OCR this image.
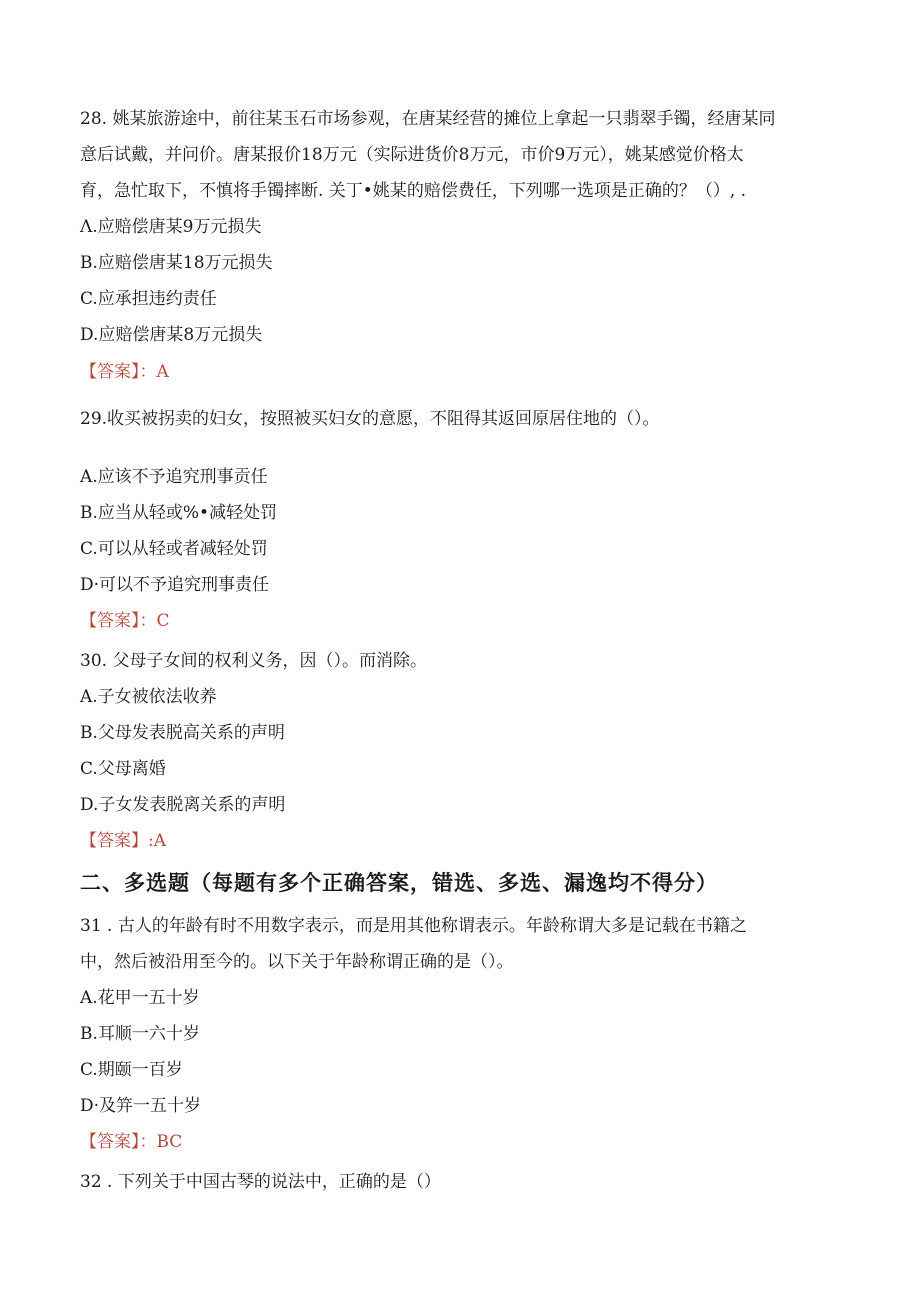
28. 姚某旅游途中，前往某玉石市场参观，在唐某经营的摊位上拿起一只翡翠手镯，经唐某同
意后试戴，并问价。唐某报价18万元（实际进货价8万元，市价9万元），姚某感觉价格太
育，急忙取下，不慎将手镯摔断. 关丁•姚某的赔偿费任，下列哪一选项是正确的？（）, .
Λ.应赔偿唐某9万元损失
B.应赔偿唐某18万元损失
C.应承担违约责任
D.应赔偿唐某8万元损失
【答案】：A
29.收买被拐卖的妇女，按照被买妇女的意愿，不阻得其返回原居住地的（）。
A.应该不予追究刑事贡任
B.应当从轻或%•减轻处罚
C.可以从轻或者减轻处罚
D·可以不予追究刑事责任
【答案】：C
30. 父母子女间的权利义务，因（）。而消除。
A.子女被依法收养
B.父母发表脱高关系的声明
C.父母离婚
D.子女发表脱离关系的声明
【答案】:A
二、多选题（每题有多个正确答案，错选、多选、漏逸均不得分）
31 . 古人的年龄有时不用数字表示，而是用其他称谓表示。年龄称谓大多是记载在书籍之
中，然后被沿用至今的。以下关于年龄称谓正确的是（）。
A.花甲一五十岁
B.耳顺一六十岁
C.期颐一百岁
D·及笄一五十岁
【答案】：BC
32 . 下列关于中国古琴的说法中，正确的是（）
